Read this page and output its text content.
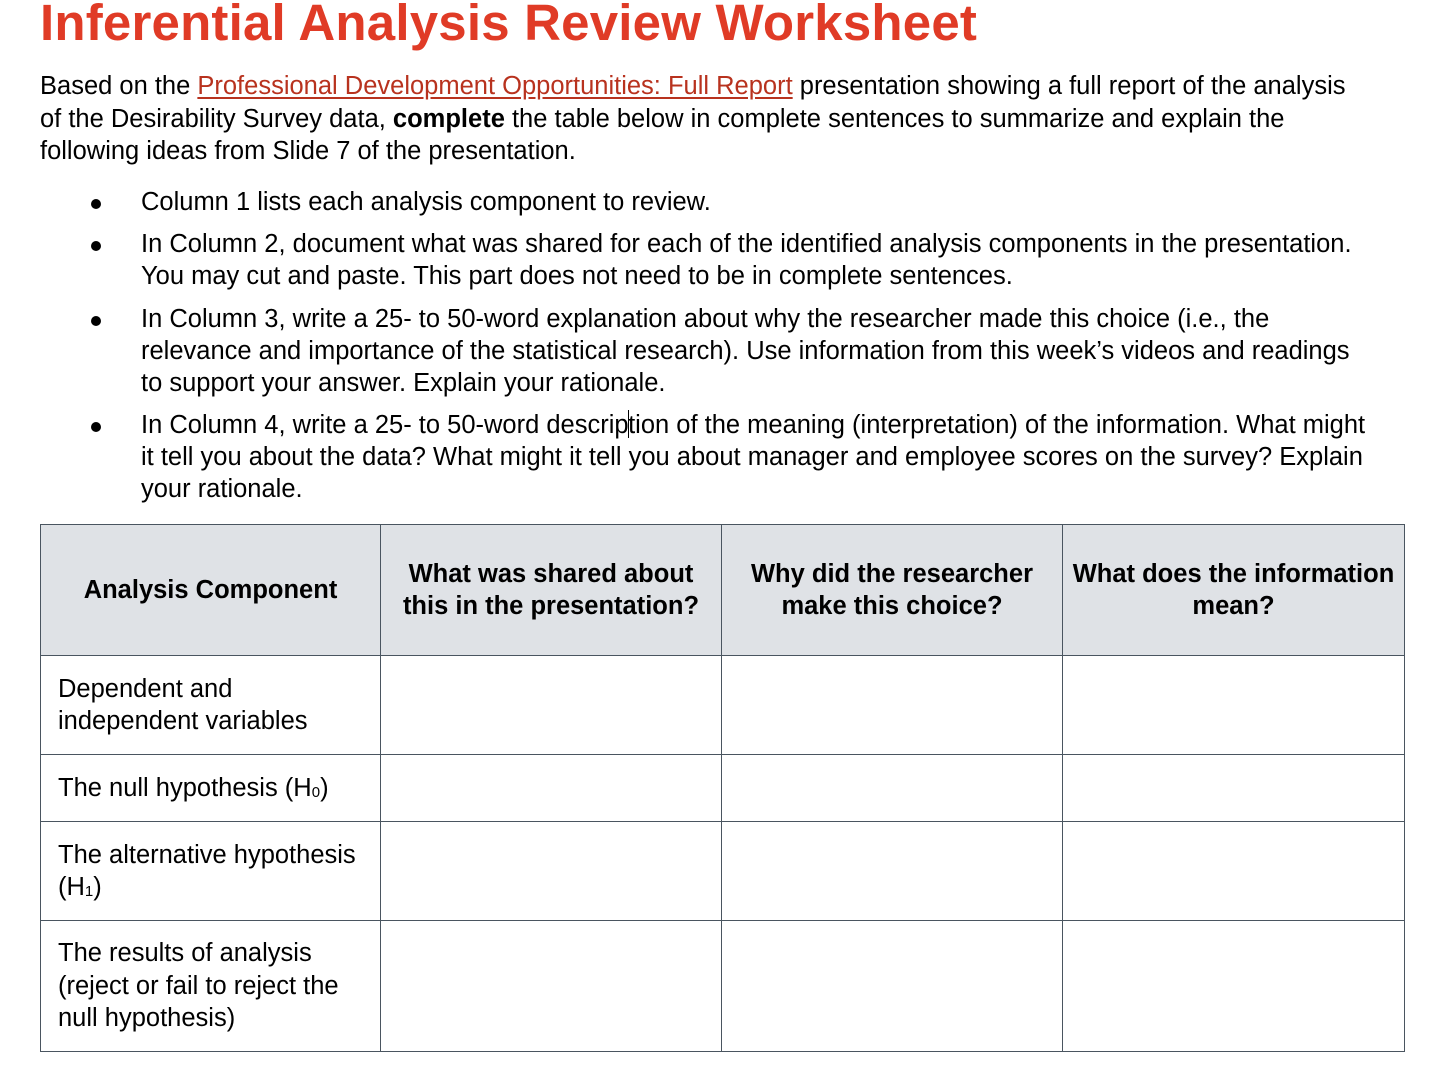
Inferential Analysis Review Worksheet

Based on the Professional Development Opportunities: Full Report presentation showing a full report of the analysis of the Desirability Survey data, complete the table below in complete sentences to summarize and explain the following ideas from Slide 7 of the presentation.

Column 1 lists each analysis component to review.
In Column 2, document what was shared for each of the identified analysis components in the presentation. You may cut and paste. This part does not need to be in complete sentences.
In Column 3, write a 25- to 50-word explanation about why the researcher made this choice (i.e., the relevance and importance of the statistical research). Use information from this week’s videos and readings to support your answer. Explain your rationale.
In Column 4, write a 25- to 50-word description of the meaning (interpretation) of the information. What might it tell you about the data? What might it tell you about manager and employee scores on the survey? Explain your rationale.
Analysis Component	What was shared about this in the presentation?	Why did the researcher make this choice?	What does the information mean?
Dependent and independent variables			
The null hypothesis $(H_0)$			
The alternative hypothesis $(H_1)$			
The results of analysis (reject or fail to reject the null hypothesis)			
